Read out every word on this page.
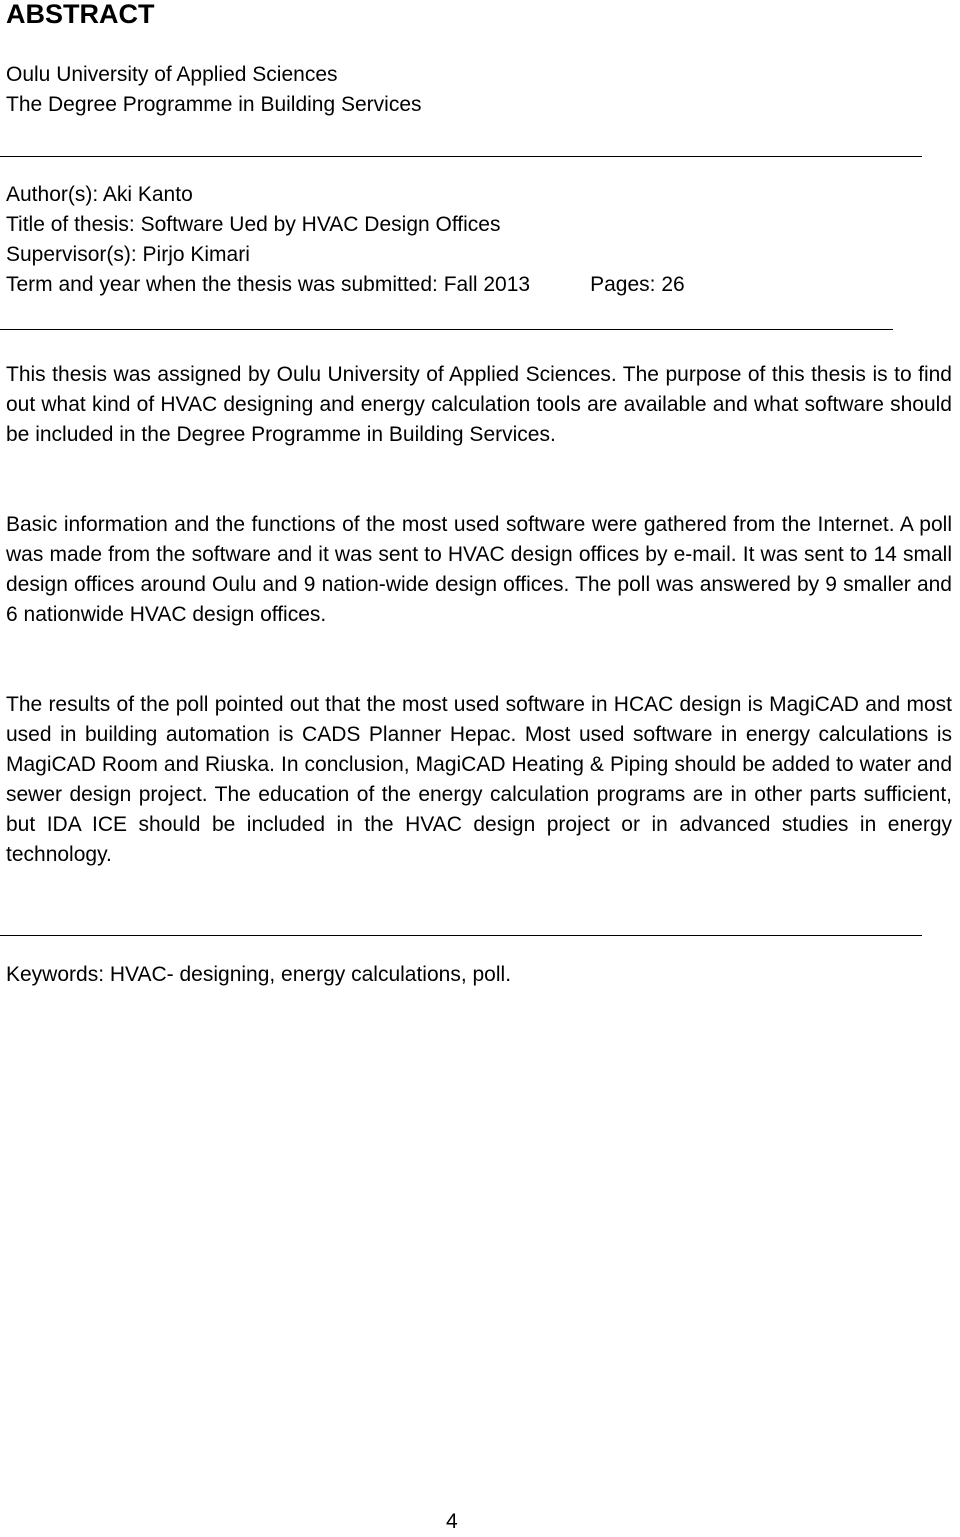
ABSTRACT
Oulu University of Applied Sciences
The Degree Programme in Building Services
Author(s): Aki Kanto
Title of thesis: Software Ued by HVAC Design Offices
Supervisor(s): Pirjo Kimari
Term and year when the thesis was submitted: Fall 2013	Pages: 26
This thesis was assigned by Oulu University of Applied Sciences. The purpose of this thesis is to find out what kind of HVAC designing and energy calculation tools are available and what software should be included in the Degree Programme in Building Services.
Basic information and the functions of the most used software were gathered from the Internet. A poll was made from the software and it was sent to HVAC design offices by e-mail. It was sent to 14 small design offices around Oulu and 9 nation-wide design offices. The poll was answered by 9 smaller and 6 nationwide HVAC design offices.
The results of the poll pointed out that the most used software in HCAC design is MagiCAD and most used in building automation is CADS Planner Hepac. Most used software in energy calculations is MagiCAD Room and Riuska. In conclusion, MagiCAD Heating & Piping should be added to water and sewer design project. The education of the energy calculation programs are in other parts sufficient, but IDA ICE should be included in the HVAC design project or in advanced studies in energy technology.
Keywords: HVAC- designing, energy calculations, poll.
4
